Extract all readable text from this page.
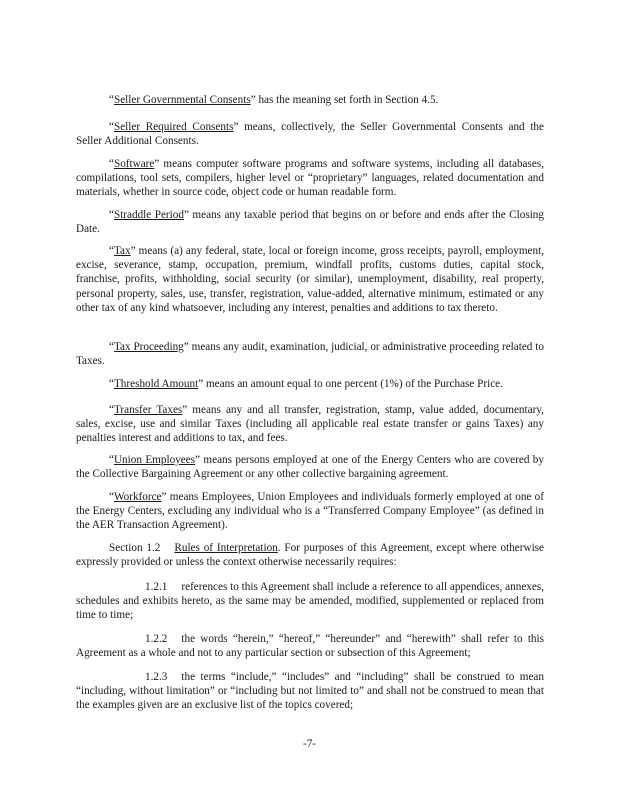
“Seller Governmental Consents” has the meaning set forth in Section 4.5.

“Seller Required Consents” means, collectively, the Seller Governmental Consents and the Seller Additional Consents.

“Software” means computer software programs and software systems, including all databases, compilations, tool sets, compilers, higher level or “proprietary” languages, related documentation and materials, whether in source code, object code or human readable form.

“Straddle Period” means any taxable period that begins on or before and ends after the Closing Date.

“Tax” means (a) any federal, state, local or foreign income, gross receipts, payroll, employment, excise, severance, stamp, occupation, premium, windfall profits, customs duties, capital stock, franchise, profits, withholding, social security (or similar), unemployment, disability, real property, personal property, sales, use, transfer, registration, value-added, alternative minimum, estimated or any other tax of any kind whatsoever, including any interest, penalties and additions to tax thereto.

“Tax Proceeding” means any audit, examination, judicial, or administrative proceeding related to Taxes.

“Threshold Amount” means an amount equal to one percent (1%) of the Purchase Price.

“Transfer Taxes” means any and all transfer, registration, stamp, value added, documentary, sales, excise, use and similar Taxes (including all applicable real estate transfer or gains Taxes) any penalties interest and additions to tax, and fees.

“Union Employees” means persons employed at one of the Energy Centers who are covered by the Collective Bargaining Agreement or any other collective bargaining agreement.

“Workforce” means Employees, Union Employees and individuals formerly employed at one of the Energy Centers, excluding any individual who is a “Transferred Company Employee” (as defined in the AER Transaction Agreement).

Section 1.2 Rules of Interpretation. For purposes of this Agreement, except where otherwise expressly provided or unless the context otherwise necessarily requires:

1.2.1 references to this Agreement shall include a reference to all appendices, annexes, schedules and exhibits hereto, as the same may be amended, modified, supplemented or replaced from time to time;

1.2.2 the words “herein,” “hereof,” “hereunder” and “herewith” shall refer to this Agreement as a whole and not to any particular section or subsection of this Agreement;

1.2.3 the terms “include,” “includes” and “including” shall be construed to mean “including, without limitation” or “including but not limited to” and shall not be construed to mean that the examples given are an exclusive list of the topics covered;

-7-
